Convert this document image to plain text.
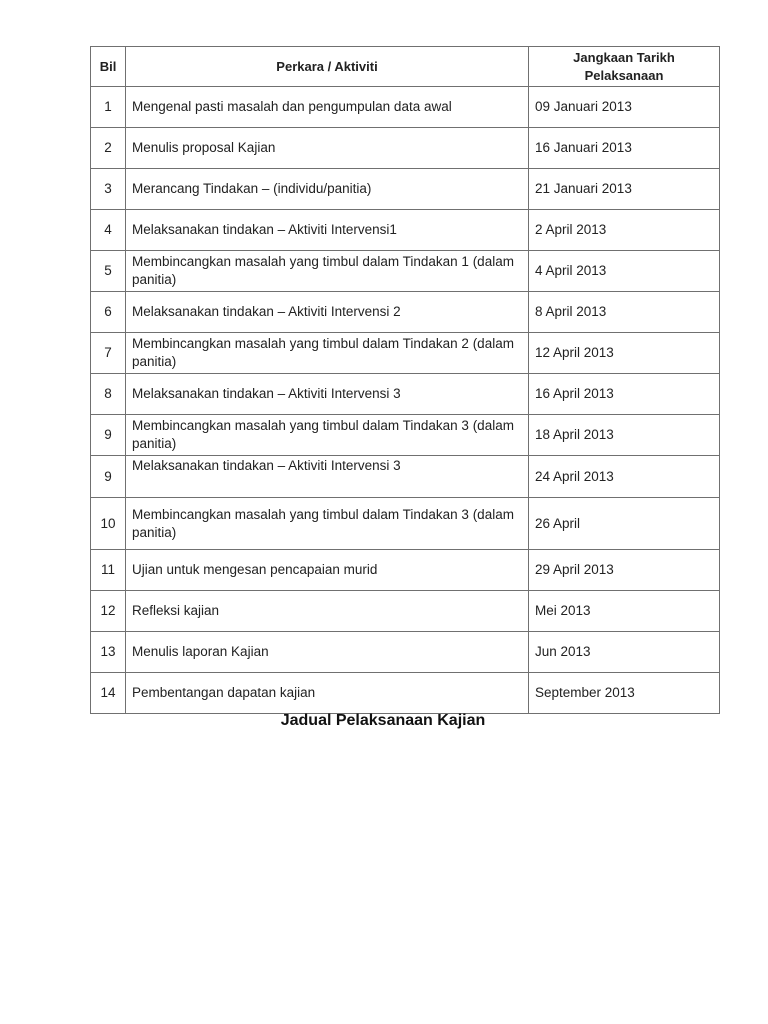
Bil	Perkara / Aktiviti	Jangkaan Tarikh Pelaksanaan
1	Mengenal pasti masalah dan pengumpulan data awal	09 Januari 2013
2	Menulis proposal Kajian	16 Januari 2013
3	Merancang Tindakan – (individu/panitia)	21 Januari 2013
4	Melaksanakan tindakan – Aktiviti Intervensi1	2 April 2013
5	Membincangkan masalah yang timbul dalam Tindakan 1 (dalam panitia)	4 April 2013
6	Melaksanakan tindakan – Aktiviti Intervensi 2	8 April 2013
7	Membincangkan masalah yang timbul dalam Tindakan 2 (dalam panitia)	12 April 2013
8	Melaksanakan tindakan – Aktiviti Intervensi 3	16 April 2013
9	Membincangkan masalah yang timbul dalam Tindakan 3 (dalam panitia)	18 April 2013
9	Melaksanakan tindakan – Aktiviti Intervensi 3	24 April 2013
10	Membincangkan masalah yang timbul dalam Tindakan 3 (dalam panitia)	26 April
11	Ujian untuk mengesan pencapaian murid	29 April 2013
12	Refleksi kajian	Mei 2013
13	Menulis laporan Kajian	Jun 2013
14	Pembentangan dapatan kajian	September 2013
Jadual Pelaksanaan Kajian
